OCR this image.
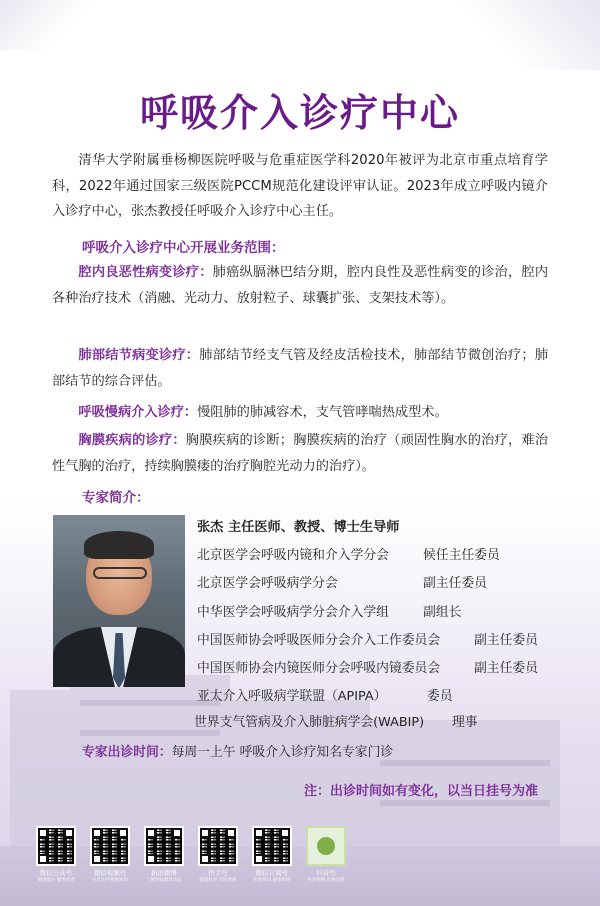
呼吸介入诊疗中心
清华大学附属垂杨柳医院呼吸与危重症医学科2020年被评为北京市重点培育学科，2022年通过国家三级医院PCCM规范化建设评审认证。2023年成立呼吸内镜介入诊疗中心，张杰教授任呼吸介入诊疗中心主任。
呼吸介入诊疗中心开展业务范围：
腔内良恶性病变诊疗：肺癌纵膈淋巴结分期，腔内良性及恶性病变的诊治，腔内各种治疗技术（消融、光动力、放射粒子、球囊扩张、支架技术等）。
肺部结节病变诊疗：肺部结节经支气管及经皮活检技术，肺部结节微创治疗；肺部结节的综合评估。
呼吸慢病介入诊疗：慢阻肺的肺减容术，支气管哮喘热成型术。
胸膜疾病的诊疗：胸膜疾病的诊断；胸膜疾病的治疗（顽固性胸水的治疗，难治性气胸的治疗，持续胸膜瘘的治疗胸腔光动力的治疗）。
专家简介：
张杰 主任医师、教授、博士生导师
北京医学会呼吸内镜和介入学分会	候任主任委员
北京医学会呼吸病学分会	副主任委员
中华医学会呼吸病学分会介入学组	副组长
中国医师协会呼吸医师分会介入工作委员会	副主任委员
中国医师协会内镜医师分会呼吸内镜委员会	副主任委员
亚太介入呼吸病学联盟（APIPA）	委员
世界支气管病及介入肺脏病学会(WABIP) 理事
专家出诊时间：每周一上午 呼吸介入诊疗知名专家门诊
注：出诊时间如有变化，以当日挂号为准
微信公众号
便捷就医 服务患者
微信视频号
分享医学健康知识
新浪微博
了解医院最新动态
快手号
健康科普 实时更新
微信订阅号
医院资讯 健康科普
抖音号
科普视频 在线直播
